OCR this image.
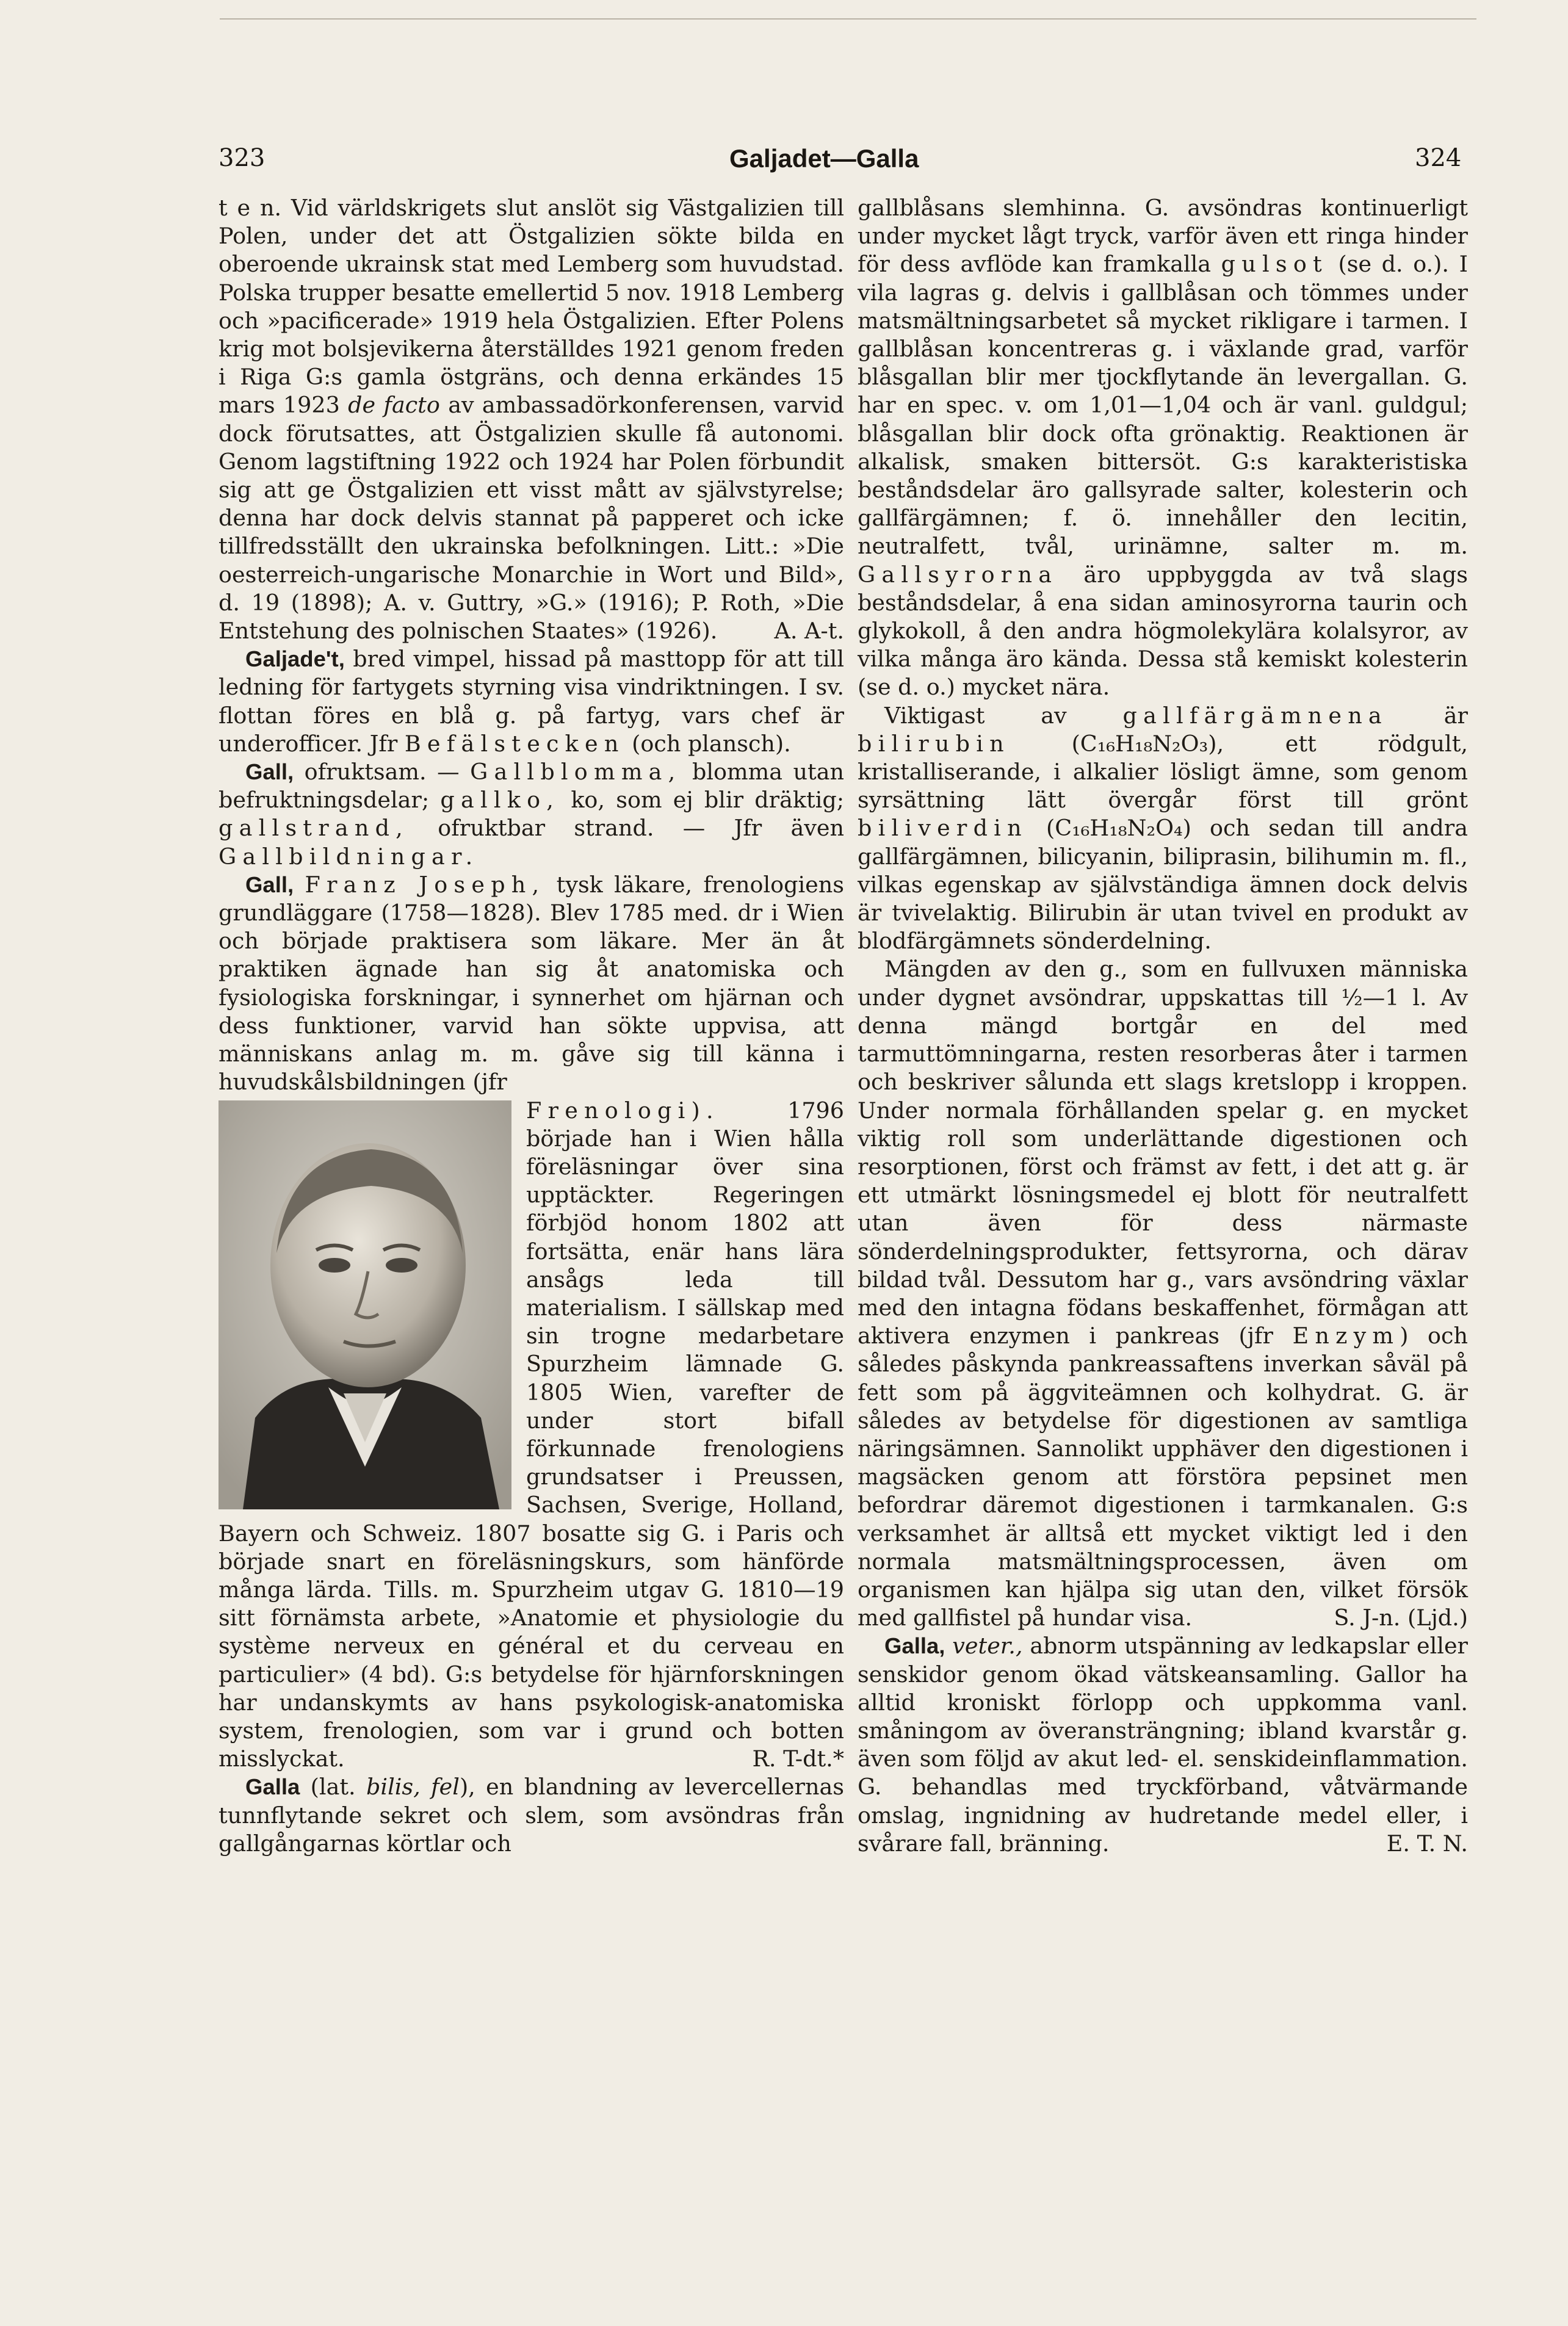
323	Galjadet—Galla	324

t e n. Vid världskrigets slut anslöt sig Västgalizien till Polen, under det att Östgalizien sökte bilda en oberoende ukrainsk stat med Lemberg som huvudstad. Polska trupper besatte emellertid 5 nov. 1918 Lemberg och »pacificerade» 1919 hela Östgalizien. Efter Polens krig mot bolsjevikerna återställdes 1921 genom freden i Riga G:s gamla östgräns, och denna erkändes 15 mars 1923 de facto av ambassadörkonferensen, varvid dock förutsattes, att Östgalizien skulle få autonomi. Genom lagstiftning 1922 och 1924 har Polen förbundit sig att ge Östgalizien ett visst mått av självstyrelse; denna har dock delvis stannat på papperet och icke tillfredsställt den ukrainska befolkningen. Litt.: »Die oesterreich-ungarische Monarchie in Wort und Bild», d. 19 (1898); A. v. Guttry, »G.» (1916); P. Roth, »Die Entstehung des polnischen Staates» (1926).	A. A-t.

Galjade't, bred vimpel, hissad på masttopp för att till ledning för fartygets styrning visa vindriktningen. I sv. flottan föres en blå g. på fartyg, vars chef är underofficer. Jfr Befälstecken (och plansch).

Gall, ofruktsam. — Gallblomma, blomma utan befruktningsdelar; gallko, ko, som ej blir dräktig; gallstrand, ofruktbar strand. — Jfr även Gallbildningar.

Gall, Franz Joseph, tysk läkare, frenologiens grundläggare (1758—1828). Blev 1785 med. dr i Wien och började praktisera som läkare. Mer än åt praktiken ägnade han sig åt anatomiska och fysiologiska forskningar, i synnerhet om hjärnan och dess funktioner, varvid han sökte uppvisa, att människans anlag m. m. gåve sig till känna i huvudskålsbildningen (jfr

Frenologi). 1796 började han i Wien hålla föreläsningar över sina upptäckter. Regeringen förbjöd honom 1802 att fortsätta, enär hans lära ansågs leda till materialism. I sällskap med sin trogne medarbetare Spurzheim lämnade G. 1805 Wien, varefter de under stort bifall förkunnade frenologiens grundsatser i Preussen, Sachsen, Sverige, Holland, Bayern och Schweiz. 1807 bosatte sig G. i Paris och började snart en föreläsningskurs, som hänförde många lärda. Tills. m. Spurzheim utgav G. 1810—19 sitt förnämsta arbete, »Anatomie et physiologie du système nerveux en général et du cerveau en particulier» (4 bd). G:s betydelse för hjärnforskningen har undanskymts av hans psykologisk-anatomiska system, frenologien, som var i grund och botten misslyckat.	R. T-dt.*

Galla (lat. bilis, fel), en blandning av levercellernas tunnflytande sekret och slem, som avsöndras från gallgångarnas körtlar och

gallblåsans slemhinna. G. avsöndras kontinuerligt under mycket lågt tryck, varför även ett ringa hinder för dess avflöde kan framkalla gulsot (se d. o.). I vila lagras g. delvis i gallblåsan och tömmes under matsmältningsarbetet så mycket rikligare i tarmen. I gallblåsan koncentreras g. i växlande grad, varför blåsgallan blir mer tjockflytande än levergallan. G. har en spec. v. om 1,01—1,04 och är vanl. guldgul; blåsgallan blir dock ofta grönaktig. Reaktionen är alkalisk, smaken bittersöt. G:s karakteristiska beståndsdelar äro gallsyrade salter, kolesterin och gallfärgämnen; f. ö. innehåller den lecitin, neutralfett, tvål, urinämne, salter m. m. Gallsyrorna äro uppbyggda av två slags beståndsdelar, å ena sidan aminosyrorna taurin och glykokoll, å den andra högmolekylära kolalsyror, av vilka många äro kända. Dessa stå kemiskt kolesterin (se d. o.) mycket nära.

Viktigast av gallfärgämnena är bilirubin (C₁₆H₁₈N₂O₃), ett rödgult, kristalliserande, i alkalier lösligt ämne, som genom syrsättning lätt övergår först till grönt biliverdin (C₁₆H₁₈N₂O₄) och sedan till andra gallfärgämnen, bilicyanin, biliprasin, bilihumin m. fl., vilkas egenskap av självständiga ämnen dock delvis är tvivelaktig. Bilirubin är utan tvivel en produkt av blodfärgämnets sönderdelning.

Mängden av den g., som en fullvuxen människa under dygnet avsöndrar, uppskattas till ½—1 l. Av denna mängd bortgår en del med tarmuttömningarna, resten resorberas åter i tarmen och beskriver sålunda ett slags kretslopp i kroppen. Under normala förhållanden spelar g. en mycket viktig roll som underlättande digestionen och resorptionen, först och främst av fett, i det att g. är ett utmärkt lösningsmedel ej blott för neutralfett utan även för dess närmaste sönderdelningsprodukter, fettsyrorna, och därav bildad tvål. Dessutom har g., vars avsöndring växlar med den intagna födans beskaffenhet, förmågan att aktivera enzymen i pankreas (jfr Enzym) och således påskynda pankreassaftens inverkan såväl på fett som på äggviteämnen och kolhydrat. G. är således av betydelse för digestionen av samtliga näringsämnen. Sannolikt upphäver den digestionen i magsäcken genom att förstöra pepsinet men befordrar däremot digestionen i tarmkanalen. G:s verksamhet är alltså ett mycket viktigt led i den normala matsmältningsprocessen, även om organismen kan hjälpa sig utan den, vilket försök med gallfistel på hundar visa.	S. J-n. (Ljd.)

Galla, veter., abnorm utspänning av ledkapslar eller senskidor genom ökad vätskeansamling. Gallor ha alltid kroniskt förlopp och uppkomma vanl. småningom av överansträngning; ibland kvarstår g. även som följd av akut led- el. senskideinflammation. G. behandlas med tryckförband, våtvärmande omslag, ingnidning av hudretande medel eller, i svårare fall, bränning.	E. T. N.
